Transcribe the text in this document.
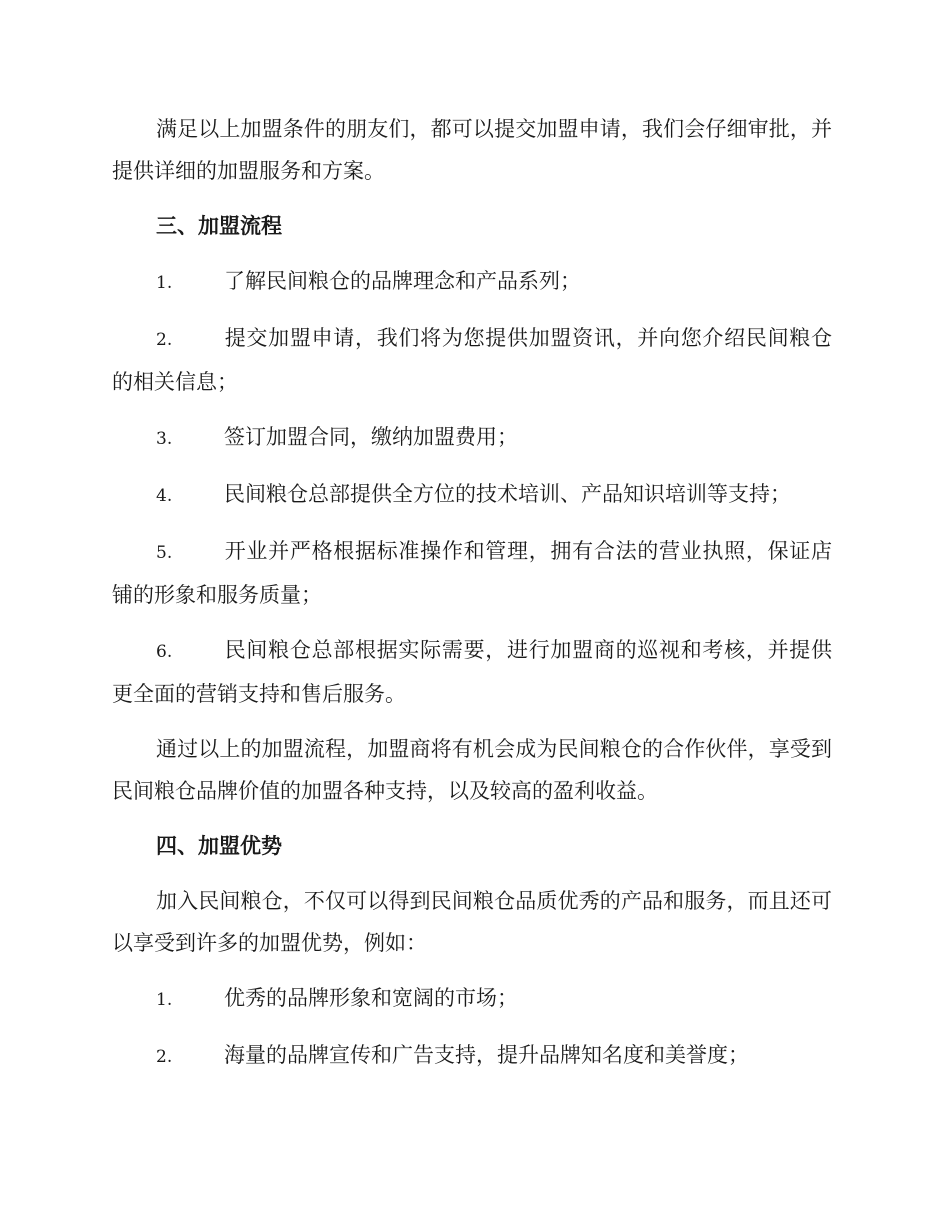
满足以上加盟条件的朋友们，都可以提交加盟申请，我们会仔细审批，并提供详细的加盟服务和方案。

三、加盟流程

1. 了解民间粮仓的品牌理念和产品系列；

2. 提交加盟申请，我们将为您提供加盟资讯，并向您介绍民间粮仓的相关信息；

3. 签订加盟合同，缴纳加盟费用；

4. 民间粮仓总部提供全方位的技术培训、产品知识培训等支持；

5. 开业并严格根据标准操作和管理，拥有合法的营业执照，保证店铺的形象和服务质量；

6. 民间粮仓总部根据实际需要，进行加盟商的巡视和考核，并提供更全面的营销支持和售后服务。

通过以上的加盟流程，加盟商将有机会成为民间粮仓的合作伙伴，享受到民间粮仓品牌价值的加盟各种支持，以及较高的盈利收益。

四、加盟优势

加入民间粮仓，不仅可以得到民间粮仓品质优秀的产品和服务，而且还可以享受到许多的加盟优势，例如：

1. 优秀的品牌形象和宽阔的市场；

2. 海量的品牌宣传和广告支持，提升品牌知名度和美誉度；
